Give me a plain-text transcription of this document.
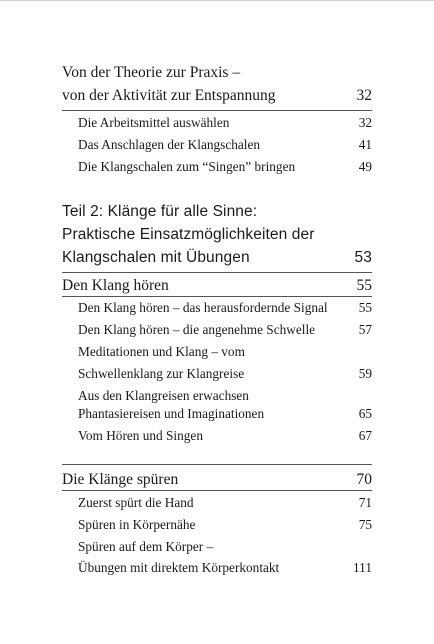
Von der Theorie zur Praxis –
von der Aktivität zur Entspannung	32
Die Arbeitsmittel auswählen	32
Das Anschlagen der Klangschalen	41
Die Klangschalen zum “Singen” bringen	49
Teil 2: Klänge für alle Sinne:
Praktische Einsatzmöglichkeiten der
Klangschalen mit Übungen	53
Den Klang hören	55
Den Klang hören – das herausfordernde Signal 55
Den Klang hören – die angenehme Schwelle	57
Meditationen und Klang – vom
Schwellenklang zur Klangreise	59
Aus den Klangreisen erwachsen
Phantasiereisen und Imaginationen	65
Vom Hören und Singen	67
Die Klänge spüren	70
Zuerst spürt die Hand	71
Spüren in Körpernähe	75
Spüren auf dem Körper –
Übungen mit direktem Körperkontakt	111
